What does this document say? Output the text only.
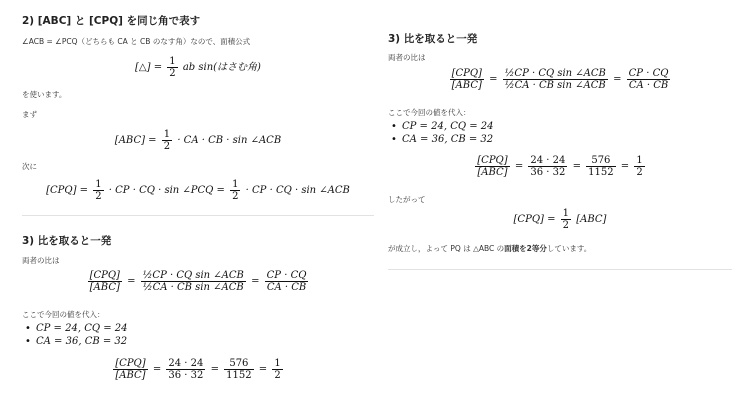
2) [ABC] と [CPQ] を同じ角で表す
∠ACB = ∠PCQ（どちらも CA と CB のなす角）なので、面積公式
[△] = $\frac{1}{2}$ ab sin(はさむ角)
を使います。
まず
$[ABC] = \frac{1}{2}$ · CA · CB · sin ∠ACB
次に
$[CPQ] = \frac{1}{2}$ · CP · CQ · sin ∠PCQ = $\frac{1}{2}$ · CP · CQ · sin ∠ACB
3) 比を取ると一発
両者の比は
$\frac{\text{[CPQ]}}{\text{[ABC]}} = \frac{\text{½CP · CQ sin ∠ACB}}{\text{½CA · CB sin ∠ACB}} = \frac{CP \cdot CQ}{CA \cdot CB}$
ここで今回の値を代入：
• CP = 24, CQ = 24
• CA = 36, CB = 32
$\frac{\text{[CPQ]}}{\text{[ABC]}} = \frac{24 \cdot 24}{36 \cdot 32} = \frac{576}{1152} = \frac{1}{2}$
3) 比を取ると一発
両者の比は
$\frac{\text{[CPQ]}}{\text{[ABC]}} = \frac{\text{½CP · CQ sin ∠ACB}}{\text{½CA · CB sin ∠ACB}} = \frac{CP \cdot CQ}{CA \cdot CB}$
ここで今回の値を代入：
• CP = 24, CQ = 24
• CA = 36, CB = 32
$\frac{\text{[CPQ]}}{\text{[ABC]}} = \frac{24 \cdot 24}{36 \cdot 32} = \frac{576}{1152} = \frac{1}{2}$
したがって
$[CPQ] = \frac{1}{2} [ABC]$
が成立し，よって PQ は △ABC の面積を2等分しています。
